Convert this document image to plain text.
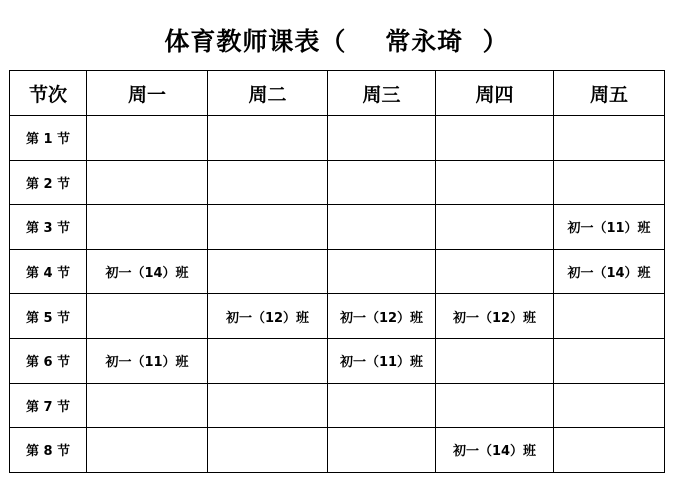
体育教师课表（    常永琦  ）
节次	周一	周二	周三	周四	周五
第 1 节					
第 2 节					
第 3 节					初一（11）班
第 4 节	初一（14）班				初一（14）班
第 5 节		初一（12）班	初一（12）班	初一（12）班	
第 6 节	初一（11）班		初一（11）班		
第 7 节					
第 8 节				初一（14）班	
